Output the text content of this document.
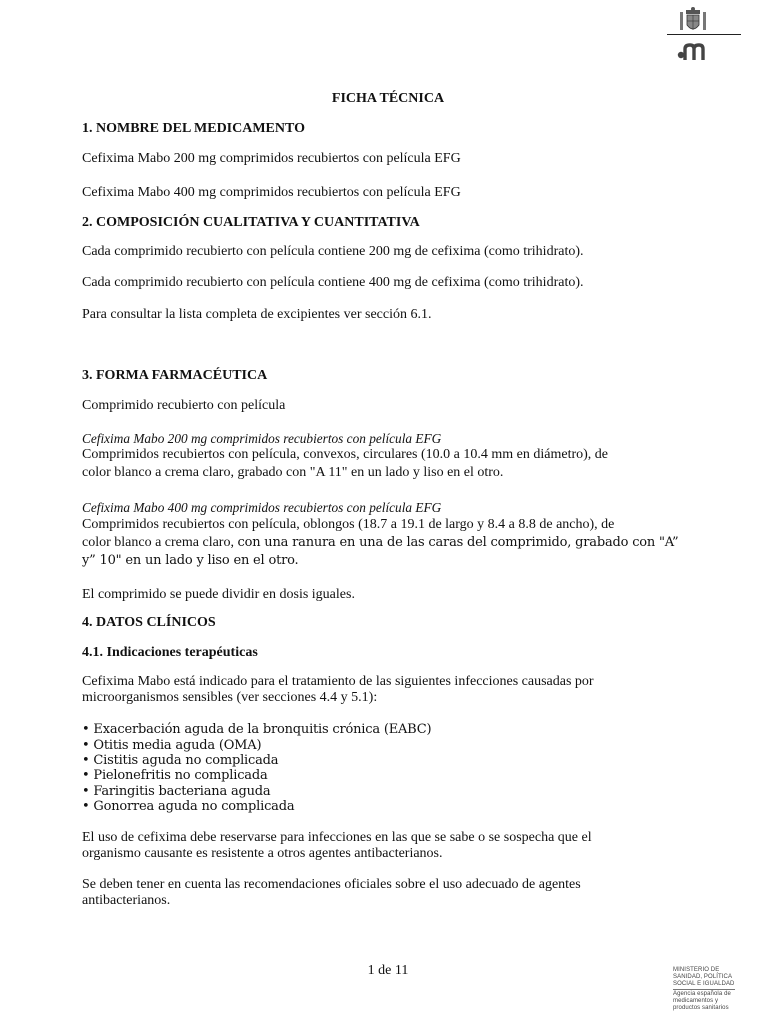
FICHA TÉCNICA
1. NOMBRE DEL MEDICAMENTO
Cefixima Mabo 200 mg comprimidos recubiertos con película EFG
Cefixima Mabo 400 mg comprimidos recubiertos con película EFG
2. COMPOSICIÓN CUALITATIVA Y CUANTITATIVA
Cada comprimido recubierto con película contiene 200 mg de cefixima (como trihidrato).
Cada comprimido recubierto con película contiene 400 mg de cefixima (como trihidrato).
Para consultar la lista completa de excipientes ver sección 6.1.
3. FORMA FARMACÉUTICA
Comprimido recubierto con película
Cefixima Mabo 200 mg comprimidos recubiertos con película EFG
Comprimidos recubiertos con película, convexos, circulares (10.0 a 10.4 mm en diámetro), de
color blanco a crema claro, grabado con "A 11" en un lado y liso en el otro.
Cefixima Mabo 400 mg comprimidos recubiertos con película EFG
Comprimidos recubiertos con película, oblongos (18.7 a 19.1 de largo y 8.4 a 8.8 de ancho), de
color blanco a crema claro, con una ranura en una de las caras del comprimido, grabado con "A”
y” 10" en un lado y liso en el otro.
El comprimido se puede dividir en dosis iguales.
4. DATOS CLÍNICOS
4.1. Indicaciones terapéuticas
Cefixima Mabo está indicado para el tratamiento de las siguientes infecciones causadas por
microorganismos sensibles (ver secciones 4.4 y 5.1):
• Exacerbación aguda de la bronquitis crónica (EABC)
• Otitis media aguda (OMA)
• Cistitis aguda no complicada
• Pielonefritis no complicada
• Faringitis bacteriana aguda
• Gonorrea aguda no complicada
El uso de cefixima debe reservarse para infecciones en las que se sabe o se sospecha que el
organismo causante es resistente a otros agentes antibacterianos.
Se deben tener en cuenta las recomendaciones oficiales sobre el uso adecuado de agentes
antibacterianos.
1 de 11	MINISTERIO DE
SANIDAD, POLÍTICA
SOCIAL E IGUALDAD
Agencia española de
medicamentos y
productos sanitarios
